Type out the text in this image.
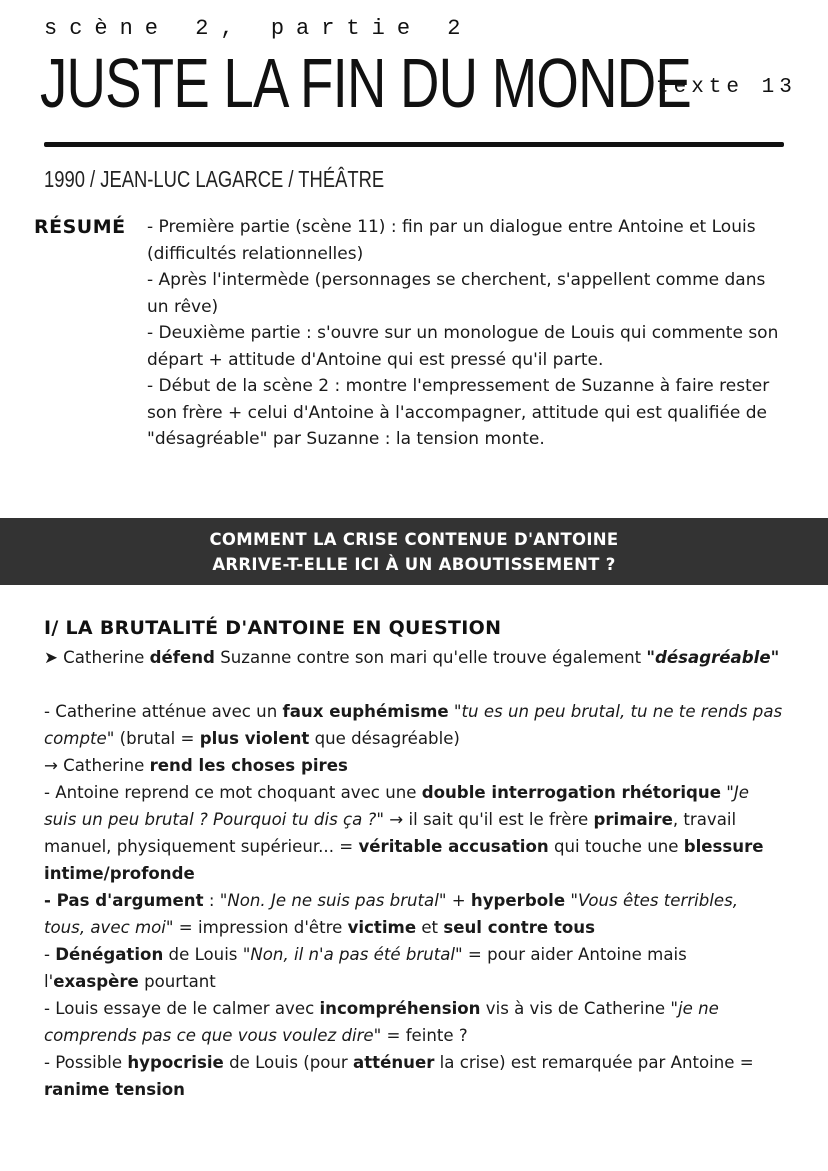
scène 2, partie 2
JUSTE LA FIN DU MONDE
texte 13
1990 / JEAN-LUC LAGARCE / THÉÂTRE
RÉSUMÉ - Première partie (scène 11) : fin par un dialogue entre Antoine et Louis (difficultés relationnelles)

- Après l'intermède (personnages se cherchent, s'appellent comme dans un rêve)

- Deuxième partie : s'ouvre sur un monologue de Louis qui commente son départ + attitude d'Antoine qui est pressé qu'il parte.

- Début de la scène 2 : montre l'empressement de Suzanne à faire rester son frère + celui d'Antoine à l'accompagner, attitude qui est qualifiée de "désagréable" par Suzanne : la tension monte.

COMMENT LA CRISE CONTENUE D'ANTOINE
ARRIVE-T-ELLE ICI À UN ABOUTISSEMENT ?
I/ LA BRUTALITÉ D'ANTOINE EN QUESTION

➤ Catherine défend Suzanne contre son mari qu'elle trouve également "désagréable"

- Catherine atténue avec un faux euphémisme "tu es un peu brutal, tu ne te rends pas compte" (brutal = plus violent que désagréable)

→ Catherine rend les choses pires

- Antoine reprend ce mot choquant avec une double interrogation rhétorique "Je suis un peu brutal ? Pourquoi tu dis ça ?" → il sait qu'il est le frère primaire, travail manuel, physiquement supérieur... = véritable accusation qui touche une blessure intime/profonde

- Pas d'argument : "Non. Je ne suis pas brutal" + hyperbole "Vous êtes terribles, tous, avec moi" = impression d'être victime et seul contre tous

- Dénégation de Louis "Non, il n'a pas été brutal" = pour aider Antoine mais l'exaspère pourtant

- Louis essaye de le calmer avec incompréhension vis à vis de Catherine "je ne comprends pas ce que vous voulez dire" = feinte ?

- Possible hypocrisie de Louis (pour atténuer la crise) est remarquée par Antoine = ranime tension
